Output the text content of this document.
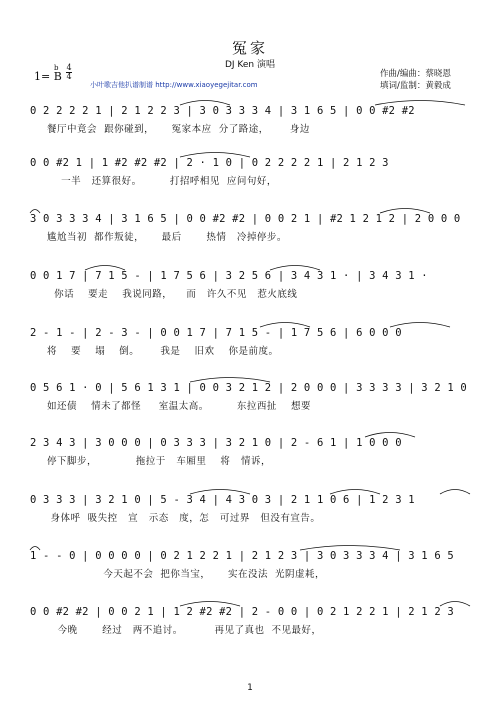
冤家
DJ Ken 演唱
作曲/编曲：蔡晓恩
填词/监制：黄毅成
1= B
b 4
4
小叶歌吉他扒谱制谱 http://www.xiaoyegejitar.com
0 2 2 2 2 1 | 2 1 2 2 3 | 3 0 3 3 3 4 | 3 1 6 5 | 0 0 #2 #2
餐厅中竟会  跟你碰到，     冤家本应  分了路途，      身边
0 0 #2 1 | 1 #2 #2 #2 | 2 · 1 0 | 0 2 2 2 2 1 | 2 1 2 3
一半   还算很好。        打招呼相见  应问句好，
3 0 3 3 3 4 | 3 1 6 5 | 0 0 #2 #2 | 0 0 2 1 | #2 1 2 1 2 | 2 0 0 0
尴尬当初  都作叛徒，     最后       热情   冷掉停步。
0 0 1 7 | 7 1 5 - | 1 7 5 6 | 3 2 5 6 | 3 4 3 1 · | 3 4 3 1 ·
你话    要走    我说同路，    而   许久不见   惹火底线
2 - 1 - | 2 - 3 - | 0 0 1 7 | 7 1 5 - | 1 7 5 6 | 6 0 0 0
将    要    塌    倒。      我是    旧欢    你是前度。
0 5 6 1 · 0 | 5 6 1 3 1 | 0 0 3 2 1 2 | 2 0 0 0 | 3 3 3 3 | 3 2 1 0
如还债    情未了都怪     室温太高。        东拉西扯    想要
2 3 4 3 | 3 0 0 0 | 0 3 3 3 | 3 2 1 0 | 2 - 6 1 | 1 0 0 0
停下脚步，           拖拉于   车厢里    将   情诉，
0 3 3 3 | 3 2 1 0 | 5 - 3 4 | 4 3 0 3 | 2 1 1 0 6 | 1 2 3 1
身体呼  吸失控   宣   示态   度，怎   可过界   但没有宣告。
1 - - 0 | 0 0 0 0 | 0 2 1 2 2 1 | 2 1 2 3 | 3 0 3 3 3 4 | 3 1 6 5
今天起不会  把你当宝，     实在没法  光阴虚耗，
0 0 #2 #2 | 0 0 2 1 | 1 2 #2 #2 | 2 - 0 0 | 0 2 1 2 2 1 | 2 1 2 3
今晚       经过   两不追讨。         再见了真也  不见最好，
1
